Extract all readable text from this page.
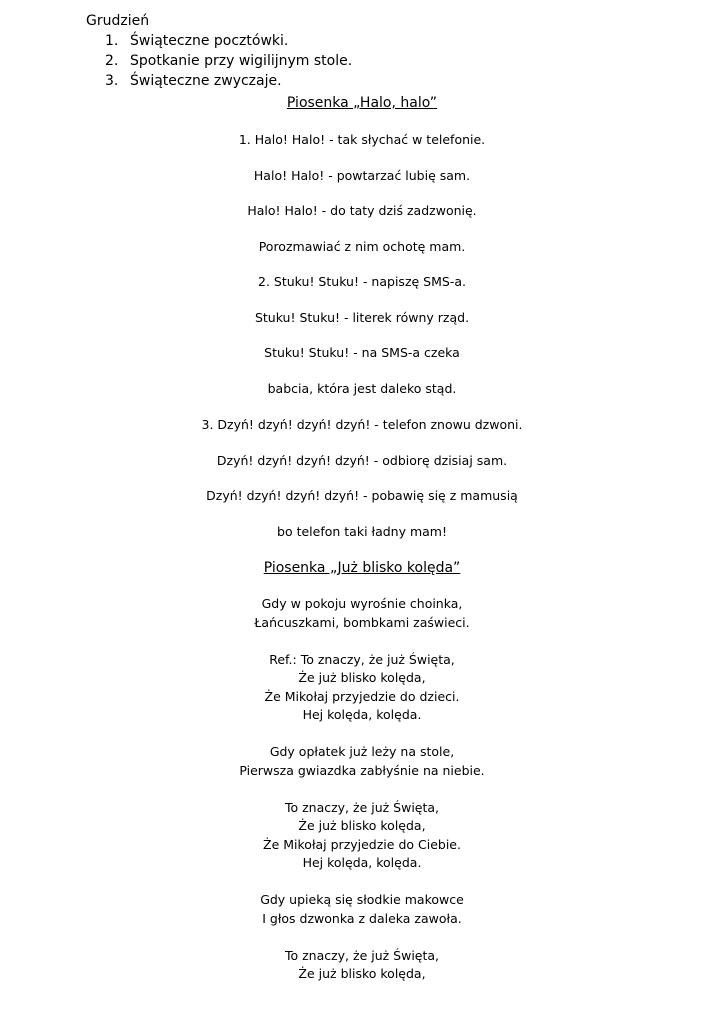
Grudzień
1. Świąteczne pocztówki.
2. Spotkanie przy wigilijnym stole.
3. Świąteczne zwyczaje.
Piosenka „Halo, halo”
1. Halo! Halo! - tak słychać w telefonie.
Halo! Halo! - powtarzać lubię sam.
Halo! Halo! - do taty dziś zadzwonię.
Porozmawiać z nim ochotę mam.
2. Stuku! Stuku! - napiszę SMS-a.
Stuku! Stuku! - literek równy rząd.
Stuku! Stuku! - na SMS-a czeka
babcia, która jest daleko stąd.
3. Dzyń! dzyń! dzyń! dzyń! - telefon znowu dzwoni.
Dzyń! dzyń! dzyń! dzyń! - odbiorę dzisiaj sam.
Dzyń! dzyń! dzyń! dzyń! - pobawię się z mamusią
bo telefon taki ładny mam!
Piosenka „Już blisko kolęda”
Gdy w pokoju wyrośnie choinka,
Łańcuszkami, bombkami zaświeci.
Ref.: To znaczy, że już Święta,
Że już blisko kolęda,
Że Mikołaj przyjedzie do dzieci.
Hej kolęda, kolęda.
Gdy opłatek już leży na stole,
Pierwsza gwiazdka zabłyśnie na niebie.
To znaczy, że już Święta,
Że już blisko kolęda,
Że Mikołaj przyjedzie do Ciebie.
Hej kolęda, kolęda.
Gdy upieką się słodkie makowce
I głos dzwonka z daleka zawoła.
To znaczy, że już Święta,
Że już blisko kolęda,
